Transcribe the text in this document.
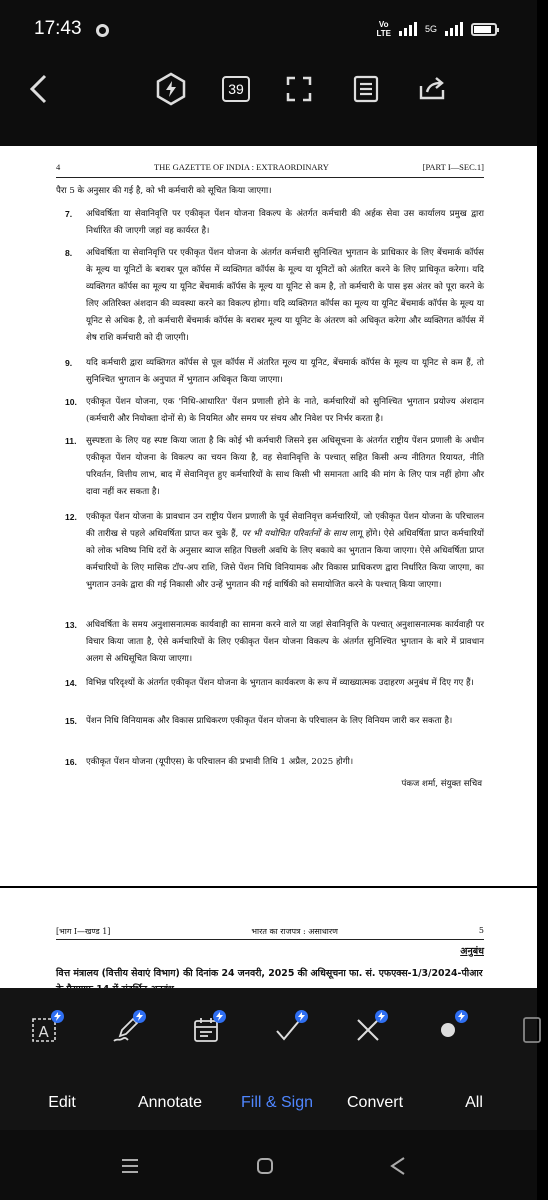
17:43	Vo
LTE	5G
39
4	THE GAZETTE OF INDIA : EXTRAORDINARY	[PART I—SEC.1]
पैरा 5 के अनुसार की गई है, को भी कर्मचारी को सूचित किया जाएगा।
7.	अधिवर्षिता या सेवानिवृत्ति पर एकीकृत पेंशन योजना विकल्प के अंतर्गत कर्मचारी की अर्हक सेवा उस कार्यालय प्रमुख द्वारा निर्धारित की जाएगी जहां वह कार्यरत है।
8.	अधिवर्षिता या सेवानिवृत्ति पर एकीकृत पेंशन योजना के अंतर्गत कर्मचारी सुनिश्चित भुगतान के प्राधिकार के लिए बेंचमार्क कॉर्पस के मूल्य या यूनिटों के बराबर पूल कॉर्पस में व्यक्तिगत कॉर्पस के मूल्य या यूनिटों को अंतरित करने के लिए प्राधिकृत करेगा। यदि व्यक्तिगत कॉर्पस का मूल्य या यूनिट बेंचमार्क कॉर्पस के मूल्य या यूनिट से कम है, तो कर्मचारी के पास इस अंतर को पूरा करने के लिए अतिरिक्त अंशदान की व्यवस्था करने का विकल्प होगा। यदि व्यक्तिगत कॉर्पस का मूल्य या यूनिट बेंचमार्क कॉर्पस के मूल्य या यूनिट से अधिक है, तो कर्मचारी बेंचमार्क कॉर्पस के बराबर मूल्य या यूनिट के अंतरण को अधिकृत करेगा और व्यक्तिगत कॉर्पस में शेष राशि कर्मचारी को दी जाएगी।
9.	यदि कर्मचारी द्वारा व्यक्तिगत कॉर्पस से पूल कॉर्पस में अंतरित मूल्य या यूनिट, बेंचमार्क कॉर्पस के मूल्य या यूनिट से कम हैं, तो सुनिश्चित भुगतान के अनुपात में भुगतान अधिकृत किया जाएगा।
10.	एकीकृत पेंशन योजना, एक 'निधि-आधारित' पेंशन प्रणाली होने के नाते, कर्मचारियों को सुनिश्चित भुगतान प्रयोज्य अंशदान (कर्मचारी और नियोक्ता दोनों से) के नियमित और समय पर संचय और निवेश पर निर्भर करता है।
11.	सुस्पष्टता के लिए यह स्पष्ट किया जाता है कि कोई भी कर्मचारी जिसने इस अधिसूचना के अंतर्गत राष्ट्रीय पेंशन प्रणाली के अधीन एकीकृत पेंशन योजना के विकल्प का चयन किया है, वह सेवानिवृत्ति के पश्चात् सहित किसी अन्य नीतिगत रियायत, नीति परिवर्तन, वित्तीय लाभ, बाद में सेवानिवृत्त हुए कर्मचारियों के साथ किसी भी समानता आदि की मांग के लिए पात्र नहीं होगा और दावा नहीं कर सकता है।
12.	एकीकृत पेंशन योजना के प्रावधान उन राष्ट्रीय पेंशन प्रणाली के पूर्व सेवानिवृत्त कर्मचारियों, जो एकीकृत पेंशन योजना के परिचालन की तारीख से पहले अधिवर्षिता प्राप्त कर चुके हैं, पर भी यथोचित परिवर्तनों के साथ लागू होंगे। ऐसे अधिवर्षिता प्राप्त कर्मचारियों को लोक भविष्य निधि दरों के अनुसार ब्याज सहित पिछली अवधि के लिए बकाये का भुगतान किया जाएगा। ऐसे अधिवर्षिता प्राप्त कर्मचारियों के लिए मासिक टॉप-अप राशि, जिसे पेंशन निधि विनियामक और विकास प्राधिकरण द्वारा निर्धारित किया जाएगा, का भुगतान उनके द्वारा की गई निकासी और उन्हें भुगतान की गई वार्षिकी को समायोजित करने के पश्चात् किया जाएगा।
13.	अधिवर्षिता के समय अनुशासनात्मक कार्यवाही का सामना करने वाले या जहां सेवानिवृत्ति के पश्चात् अनुशासनात्मक कार्यवाही पर विचार किया जाता है, ऐसे कर्मचारियों के लिए एकीकृत पेंशन योजना विकल्प के अंतर्गत सुनिश्चित भुगतान के बारे में प्रावधान अलग से अधिसूचित किया जाएगा।
14.	विभिन्न परिदृश्यों के अंतर्गत एकीकृत पेंशन योजना के भुगतान कार्यकरण के रूप में व्याख्यात्मक उदाहरण अनुबंध में दिए गए हैं।
15.	पेंशन निधि विनियामक और विकास प्राधिकरण एकीकृत पेंशन योजना के परिचालन के लिए विनियम जारी कर सकता है।
16.	एकीकृत पेंशन योजना (यूपीएस) के परिचालन की प्रभावी तिथि 1 अप्रैल, 2025 होगी।
पंकज शर्मा, संयुक्त सचिव
[भाग I—खण्ड 1]	भारत का राजपत्र : असाधारण	5
अनुबंध
वित्त मंत्रालय (वित्तीय सेवाएं विभाग) की दिनांक 24 जनवरी, 2025 की अधिसूचना फा. सं. एफएक्स-1/3/2024-पीआर
A
Edit	Annotate Fill & Sign Convert	All
